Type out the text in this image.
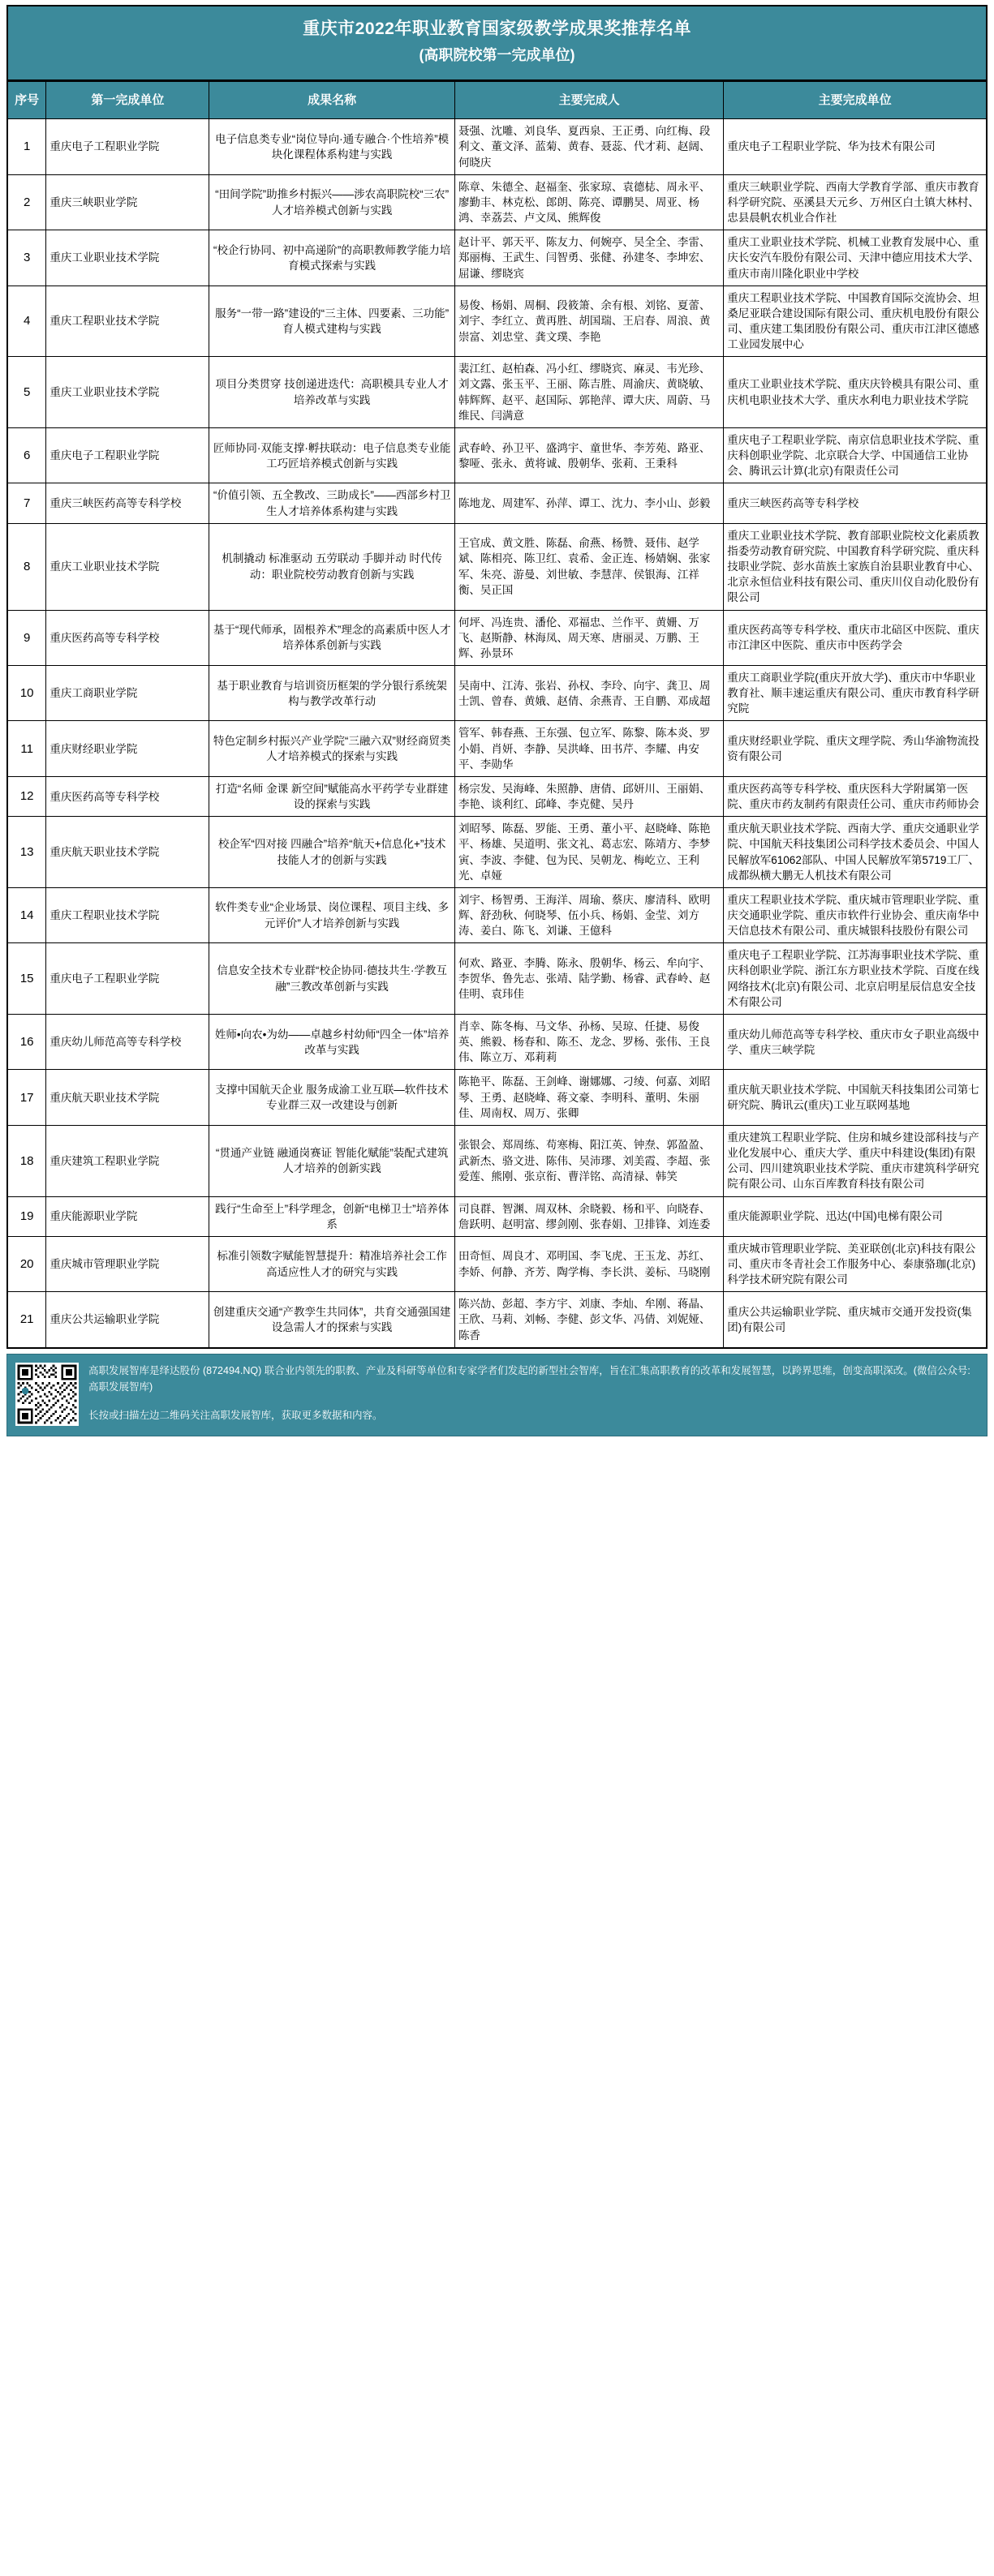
重庆市2022年职业教育国家级教学成果奖推荐名单
(高职院校第一完成单位)
序号	第一完成单位	成果名称	主要完成人	主要完成单位
1	重庆电子工程职业学院	电子信息类专业“岗位导向·通专融合·个性培养”模块化课程体系构建与实践	聂强、沈雕、刘良华、夏西泉、王正勇、向红梅、段利文、董文泽、蓝菊、黄春、聂蕊、代才莉、赵阔、何晓庆	重庆电子工程职业学院、华为技术有限公司
2	重庆三峡职业学院	“田间学院”助推乡村振兴——涉农高职院校“三农”人才培养模式创新与实践	陈章、朱德全、赵福奎、张家琼、袁德梽、周永平、廖勤丰、林克松、郎朗、陈亮、谭鹏昊、周亚、杨鸿、幸荔芸、卢文凤、熊辉俊	重庆三峡职业学院、西南大学教育学部、重庆市教育科学研究院、巫溪县天元乡、万州区白土镇大林村、忠县晨帆农机业合作社
3	重庆工业职业技术学院	“校企行协同、初中高递阶”的高职教师教学能力培育模式探索与实践	赵计平、郭天平、陈友力、何婉亭、吴全全、李雷、郑丽梅、王武生、闫智勇、张健、孙建冬、李坤宏、屈谦、缪晓宾	重庆工业职业技术学院、机械工业教育发展中心、重庆长安汽车股份有限公司、天津中德应用技术大学、重庆市南川隆化职业中学校
4	重庆工程职业技术学院	服务“一带一路”建设的“三主体、四要素、三功能”育人模式建构与实践	易俊、杨娟、周桐、段筱箫、余有根、刘铭、夏蕾、刘宇、李红立、黄再胜、胡国瑞、王启春、周浪、黄崇富、刘忠堂、龚文璞、李艳	重庆工程职业技术学院、中国教育国际交流协会、坦桑尼亚联合建设国际有限公司、重庆机电股份有限公司、重庆建工集团股份有限公司、重庆市江津区德感工业园发展中心
5	重庆工业职业技术学院	项目分类贯穿 技创递进迭代：高职模具专业人才培养改革与实践	裴江红、赵柏森、冯小红、缪晓宾、麻灵、韦光珍、刘文露、张玉平、王丽、陈吉胜、周渝庆、黄晓敏、韩辉辉、赵平、赵国际、郭艳萍、谭大庆、周蔚、马维民、闫满意	重庆工业职业技术学院、重庆庆铃模具有限公司、重庆机电职业技术大学、重庆水利电力职业技术学院
6	重庆电子工程职业学院	匠师协同·双能支撑·孵扶联动：电子信息类专业能工巧匠培养模式创新与实践	武春岭、孙卫平、盛鸿宇、童世华、李芳苑、路亚、黎哑、张永、黄将诚、殷朝华、张莉、王秉科	重庆电子工程职业学院、南京信息职业技术学院、重庆科创职业学院、北京联合大学、中国通信工业协会、腾讯云计算(北京)有限责任公司
7	重庆三峡医药高等专科学校	“价值引领、五全教改、三助成长”——西部乡村卫生人才培养体系构建与实践	陈地龙、周建军、孙萍、谭工、沈力、李小山、彭毅	重庆三峡医药高等专科学校
8	重庆工业职业技术学院	机制撬动 标准驱动 五劳联动 手脚并动 时代传动：职业院校劳动教育创新与实践	王官成、黄文胜、陈磊、俞燕、杨赞、聂伟、赵学斌、陈相亮、陈卫红、袁希、金正连、杨婧娴、张家军、朱亮、游曼、刘世敏、李慧萍、侯银海、江祥衡、吴正国	重庆工业职业技术学院、教育部职业院校文化素质教指委劳动教育研究院、中国教育科学研究院、重庆科技职业学院、彭水苗族土家族自治县职业教育中心、北京永恒信业科技有限公司、重庆川仪自动化股份有限公司
9	重庆医药高等专科学校	基于“现代师承，固根养术”理念的高素质中医人才培养体系创新与实践	何坪、冯连贵、潘伦、邓福忠、兰作平、黄姗、万飞、赵斯静、林海凤、周天寒、唐丽灵、万鹏、王辉、孙景环	重庆医药高等专科学校、重庆市北碚区中医院、重庆市江津区中医院、重庆市中医药学会
10	重庆工商职业学院	基于职业教育与培训资历框架的学分银行系统架构与教学改革行动	吴南中、江涛、张岩、孙权、李玲、向宇、龚卫、周士凯、曾春、黄娥、赵倩、余燕青、王自鹏、邓成超	重庆工商职业学院(重庆开放大学)、重庆市中华职业教育社、顺丰速运重庆有限公司、重庆市教育科学研究院
11	重庆财经职业学院	特色定制乡村振兴产业学院“三融六双”财经商贸类人才培养模式的探索与实践	管军、韩春燕、王东强、包立军、陈黎、陈本炎、罗小娟、肖妍、李静、吴洪峰、田书芹、李耀、冉安平、李勋华	重庆财经职业学院、重庆文理学院、秀山华渝物流投资有限公司
12	重庆医药高等专科学校	打造“名师 金课 新空间”赋能高水平药学专业群建设的探索与实践	杨宗发、吴海峰、朱照静、唐倩、邱妍川、王丽娟、李艳、谈利红、邱峰、李克健、吴丹	重庆医药高等专科学校、重庆医科大学附属第一医院、重庆市药友制药有限责任公司、重庆市药师协会
13	重庆航天职业技术学院	校企军“四对接 四融合”培养“航天+信息化+”技术技能人才的创新与实践	刘昭琴、陈磊、罗能、王勇、董小平、赵晓峰、陈艳平、杨雄、吴道明、张文礼、葛志宏、陈靖方、李梦寅、李波、李健、包为民、吴朝龙、梅屹立、王利光、卓娅	重庆航天职业技术学院、西南大学、重庆交通职业学院、中国航天科技集团公司科学技术委员会、中国人民解放军61062部队、中国人民解放军第5719工厂、成都纵横大鹏无人机技术有限公司
14	重庆工程职业技术学院	软件类专业“企业场景、岗位课程、项目主线、多元评价”人才培养创新与实践	刘宇、杨智勇、王海洋、周瑜、蔡庆、廖清科、欧明辉、舒劲秋、何晓琴、伍小兵、杨娟、金莹、刘方涛、姜白、陈飞、刘谦、王億科	重庆工程职业技术学院、重庆城市管理职业学院、重庆交通职业学院、重庆市软件行业协会、重庆南华中天信息技术有限公司、重庆城银科技股份有限公司
15	重庆电子工程职业学院	信息安全技术专业群“校企协同·德技共生·学教互融”三教改革创新与实践	何欢、路亚、李腾、陈永、殷朝华、杨云、牟向宇、李贺华、鲁先志、张靖、陆学勤、杨睿、武春岭、赵佳明、袁玮佳	重庆电子工程职业学院、江苏海事职业技术学院、重庆科创职业学院、浙江东方职业技术学院、百度在线网络技术(北京)有限公司、北京启明星辰信息安全技术有限公司
16	重庆幼儿师范高等专科学校	姓师•向农•为幼——卓越乡村幼师“四全一体”培养改革与实践	肖幸、陈冬梅、马文华、孙杨、吴琼、任捷、易俊英、熊毅、杨春和、陈丕、龙念、罗杨、张伟、王良伟、陈立万、邓莉莉	重庆幼儿师范高等专科学校、重庆市女子职业高级中学、重庆三峡学院
17	重庆航天职业技术学院	支撑中国航天企业 服务成渝工业互联—软件技术专业群三双一改建设与创新	陈艳平、陈磊、王剑峰、谢娜娜、刁绫、何嘉、刘昭琴、王勇、赵晓峰、蒋文豪、李明科、董明、朱丽佳、周南权、周万、张卿	重庆航天职业技术学院、中国航天科技集团公司第七研究院、腾讯云(重庆)工业互联网基地
18	重庆建筑工程职业学院	“贯通产业链 融通岗赛证 智能化赋能”装配式建筑人才培养的创新实践	张银会、郑周练、苟寒梅、阳江英、钟焘、郭盈盈、武新杰、骆文进、陈伟、吴沛璆、刘美霞、李超、张爱莲、熊刚、张京衔、曹洋铭、高清禄、韩笑	重庆建筑工程职业学院、住房和城乡建设部科技与产业化发展中心、重庆大学、重庆中科建设(集团)有限公司、四川建筑职业技术学院、重庆市建筑科学研究院有限公司、山东百库教育科技有限公司
19	重庆能源职业学院	践行“生命至上”科学理念，创新“电梯卫士”培养体系	司良群、智渊、周双林、余晓毅、杨和平、向晓春、詹跃明、赵明富、缪剑刚、张春娟、卫排锋、刘连委	重庆能源职业学院、迅达(中国)电梯有限公司
20	重庆城市管理职业学院	标准引领数字赋能智慧提升：精准培养社会工作高适应性人才的研究与实践	田奇恒、周良才、邓明国、李飞虎、王玉龙、苏红、李娇、何静、齐芳、陶学梅、李长洪、姜标、马晓刚	重庆城市管理职业学院、美亚联创(北京)科技有限公司、重庆市冬青社会工作服务中心、泰康骆珈(北京)科学技术研究院有限公司
21	重庆公共运输职业学院	创建重庆交通“产教孪生共同体”，共育交通强国建设急需人才的探索与实践	陈兴劼、彭超、李方宇、刘康、李灿、牟刚、蒋晶、王欣、马莉、刘畅、李健、彭文华、冯倩、刘妮娅、陈香	重庆公共运输职业学院、重庆城市交通开发投资(集团)有限公司

高职发展智库是绎达股份 (872494.NQ) 联合业内领先的职教、产业及科研等单位和专家学者们发起的新型社会智库，旨在汇集高职教育的改革和发展智慧，以跨界思维，创变高职深改。(微信公众号: 高职发展智库)

长按或扫描左边二维码关注高职发展智库，获取更多数据和内容。
